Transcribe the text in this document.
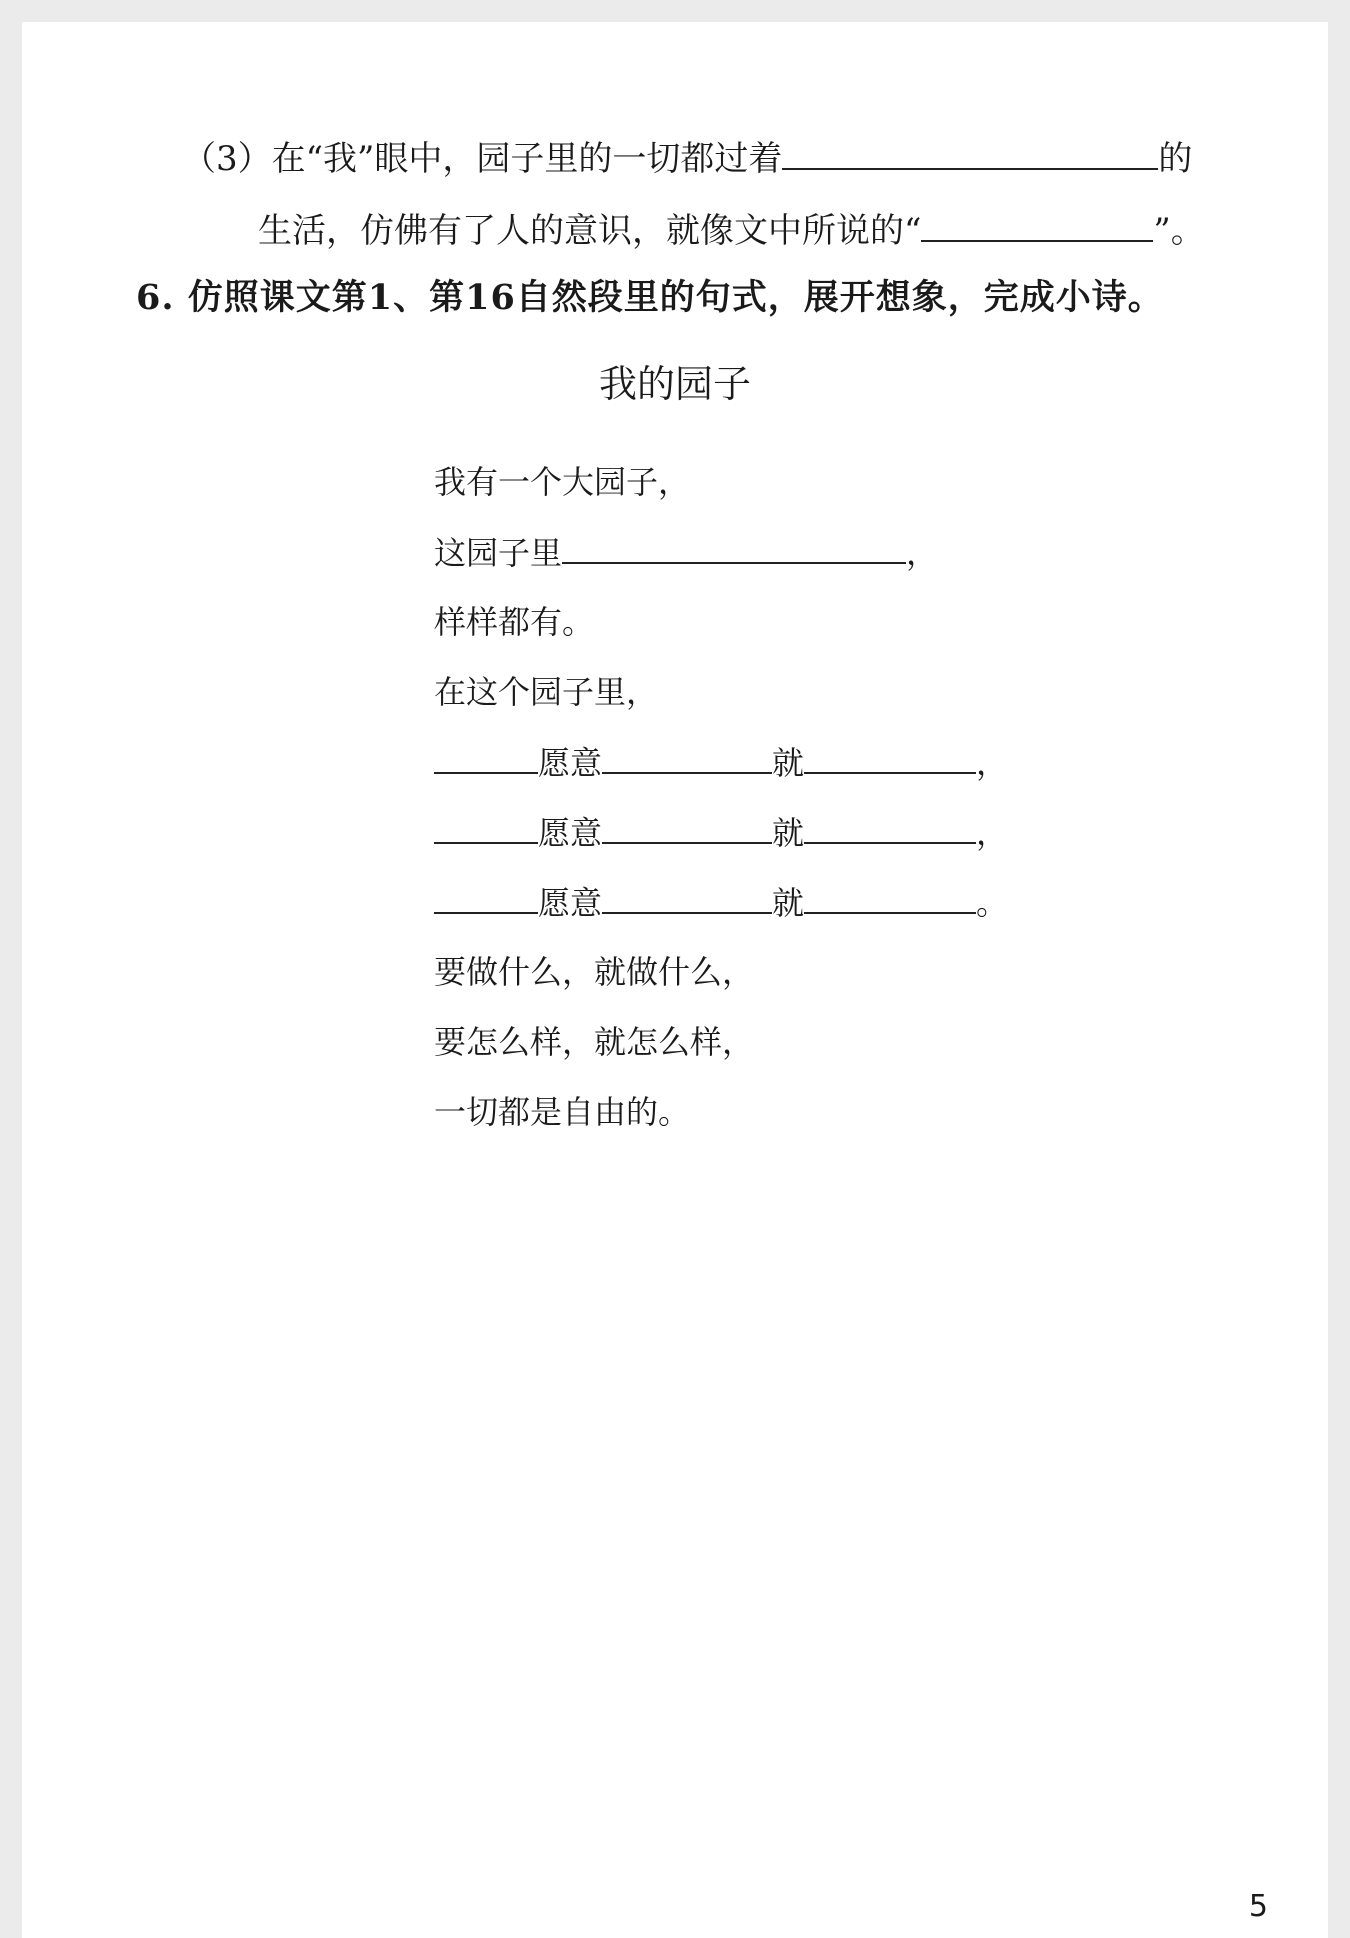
（3）在“我”眼中，园子里的一切都过着	的
生活，仿佛有了人的意识，就像文中所说的“	”。
6. 仿照课文第1、第16自然段里的句式，展开想象，完成小诗。
我的园子
我有一个大园子，
这园子里	，
样样都有。
在这个园子里，
愿意	就	，
愿意	就	，
愿意	就	。
要做什么，就做什么，
要怎么样，就怎么样，
一切都是自由的。
5
